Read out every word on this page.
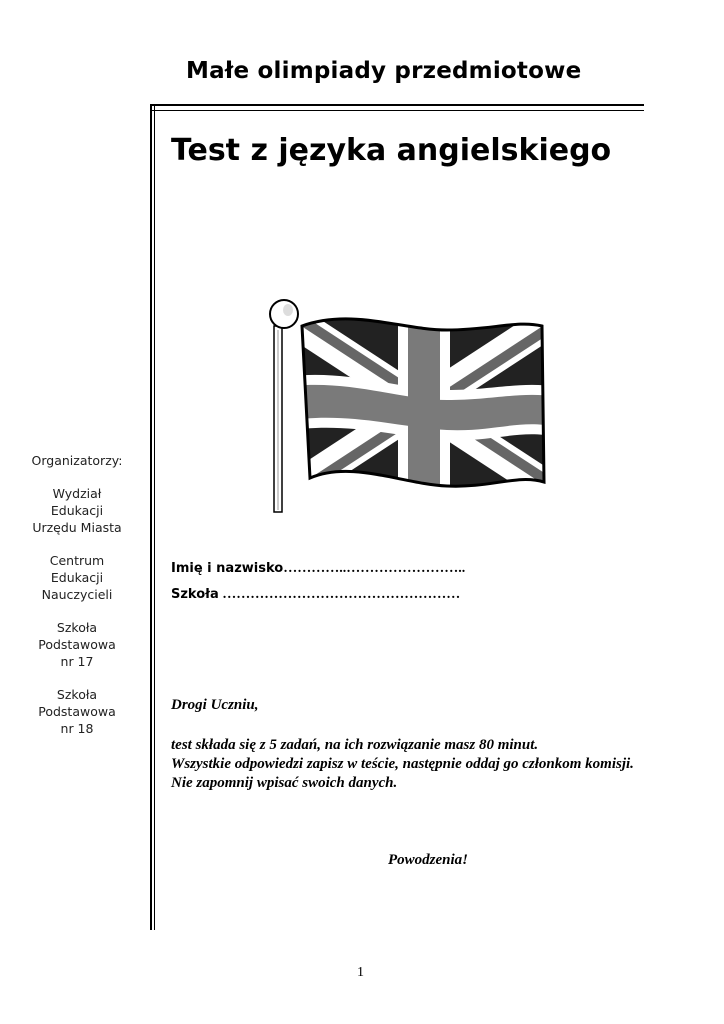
Małe olimpiady przedmiotowe
Test z języka angielskiego
Organizatorzy:
Wydział
Edukacji
Urzędu Miasta
Centrum
Edukacji
Nauczycieli
Szkoła
Podstawowa
nr 17
Szkoła
Podstawowa
nr 18
Imię i nazwisko…………..……………………..
Szkoła ……………………………………………
Drogi Uczniu,

test składa się z 5 zadań, na ich rozwiązanie masz 80 minut.

Wszystkie odpowiedzi zapisz w teście, następnie oddaj go członkom komisji.

Nie zapomnij wpisać swoich danych.

Powodzenia!
1
